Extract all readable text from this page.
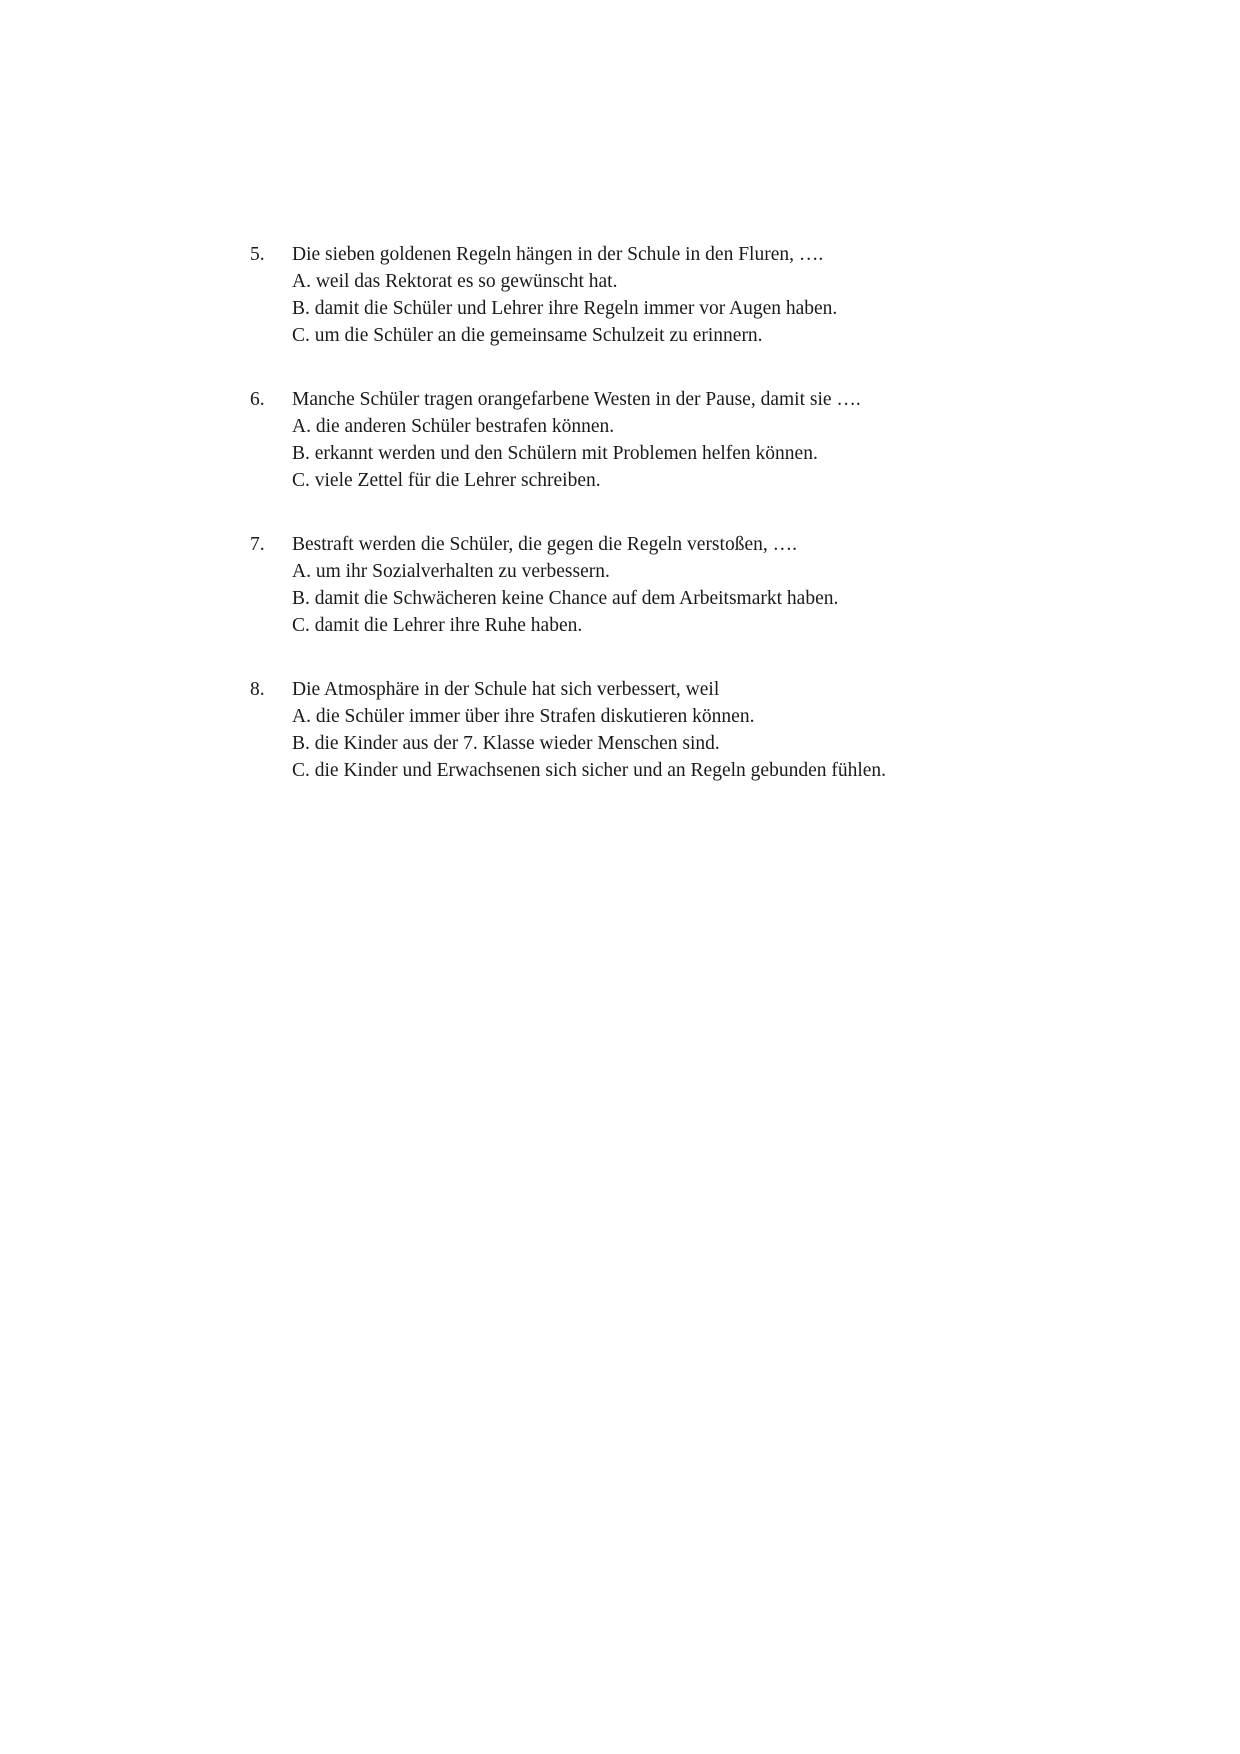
5.	Die sieben goldenen Regeln hängen in der Schule in den Fluren, ….
A. weil das Rektorat es so gewünscht hat.
B. damit die Schüler und Lehrer ihre Regeln immer vor Augen haben.
C. um die Schüler an die gemeinsame Schulzeit zu erinnern.
6.	Manche Schüler tragen orangefarbene Westen in der Pause, damit sie ….
A. die anderen Schüler bestrafen können.
B. erkannt werden und den Schülern mit Problemen helfen können.
C. viele Zettel für die Lehrer schreiben.
7.	Bestraft werden die Schüler, die gegen die Regeln verstoßen, ….
A. um ihr Sozialverhalten zu verbessern.
B. damit die Schwächeren keine Chance auf dem Arbeitsmarkt haben.
C. damit die Lehrer ihre Ruhe haben.
8.	Die Atmosphäre in der Schule hat sich verbessert, weil
A. die Schüler immer über ihre Strafen diskutieren können.
B. die Kinder aus der 7. Klasse wieder Menschen sind.
C. die Kinder und Erwachsenen sich sicher und an Regeln gebunden fühlen.
